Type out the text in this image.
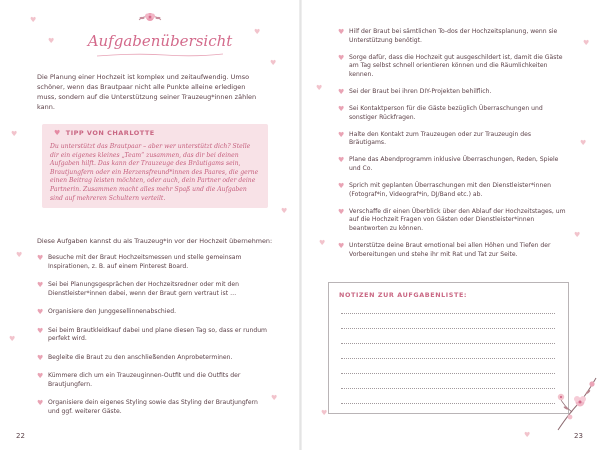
♥
♥
♥
♥
♥
♥
♥
♥
♥
Aufgabenübersicht
Die Planung einer Hochzeit ist komplex und zeitaufwendig. Umso schöner, wenn das Brautpaar nicht alle Punkte alleine erledigen muss, sondern auf die Unterstützung seiner Trauzeug*innen zählen kann.
♥ TIPP VON CHARLOTTE
Du unterstützt das Brautpaar – aber wer unterstützt dich? Stelle dir ein eigenes kleines „Team“ zusammen, das dir bei deinen Aufgaben hilft. Das kann der Trauzeuge des Bräutigams sein, Brautjungfern oder ein Herzensfreund*innen des Paares, die gerne einen Beitrag leisten möchten, oder auch, dein Partner oder deine Partnerin. Zusammen macht alles mehr Spaß und die Aufgaben sind auf mehreren Schultern verteilt.
Diese Aufgaben kannst du als Trauzeug*in vor der Hochzeit übernehmen:
♥ Besuche mit der Braut Hochzeitsmessen und stelle gemeinsam Inspirationen, z. B. auf einem Pinterest Board.
♥ Sei bei Planungsgesprächen der Hochzeitsredner oder mit den Dienstleister*innen dabei, wenn der Braut gern vertraut ist …
♥ Organisiere den Junggesellinnenabschied.
♥ Sei beim Brautkleidkauf dabei und plane diesen Tag so, dass er rundum perfekt wird.
♥ Begleite die Braut zu den anschließenden Anprobeterminen.
♥ Kümmere dich um ein Trauzeuginnen-Outfit und die Outfits der Brautjungfern.
♥ Organisiere dein eigenes Styling sowie das Styling der Brautjungfern und ggf. weiterer Gäste.
22
♥
♥
♥
♥
♥
♥
♥
♥ Hilf der Braut bei sämtlichen To-dos der Hochzeitsplanung, wenn sie Unterstützung benötigt.
♥ Sorge dafür, dass die Hochzeit gut ausgeschildert ist, damit die Gäste am Tag selbst schnell orientieren können und die Räumlichkeiten kennen.
♥ Sei der Braut bei ihren DIY-Projekten behilflich.
♥ Sei Kontaktperson für die Gäste bezüglich Überraschungen und sonstiger Rückfragen.
♥ Halte den Kontakt zum Trauzeugen oder zur Trauzeugin des Bräutigams.
♥ Plane das Abendprogramm inklusive Überraschungen, Reden, Spiele und Co.
♥ Sprich mit geplanten Überraschungen mit den Dienstleister*innen (Fotograf*in, Videograf*in, DJ/Band etc.) ab.
♥ Verschaffe dir einen Überblick über den Ablauf der Hochzeitstages, um auf die Hochzeit Fragen von Gästen oder Dienstleister*innen beantworten zu können.
♥ Unterstütze deine Braut emotional bei allen Höhen und Tiefen der Vorbereitungen und stehe ihr mit Rat und Tat zur Seite.
NOTIZEN ZUR AUFGABENLISTE:
23
